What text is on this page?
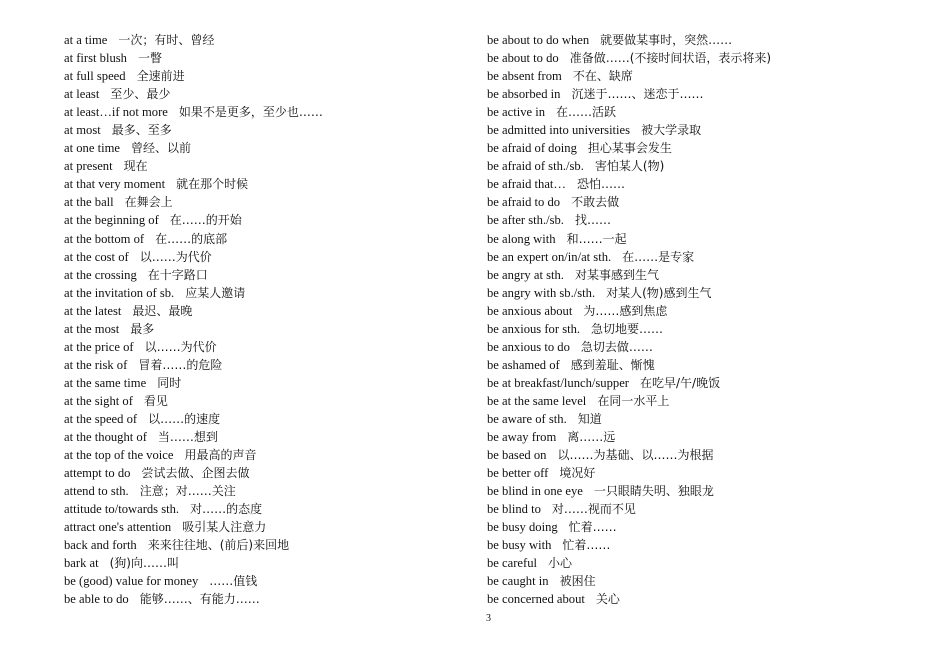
at a time 一次；有时、曾经
at first blush 一瞥
at full speed 全速前进
at least 至少、最少
at least…if not more 如果不是更多，至少也……
at most 最多、至多
at one time 曾经、以前
at present 现在
at that very moment 就在那个时候
at the ball 在舞会上
at the beginning of 在……的开始
at the bottom of 在……的底部
at the cost of 以……为代价
at the crossing 在十字路口
at the invitation of sb. 应某人邀请
at the latest 最迟、最晚
at the most 最多
at the price of 以……为代价
at the risk of 冒着……的危险
at the same time 同时
at the sight of 看见
at the speed of 以……的速度
at the thought of 当……想到
at the top of the voice 用最高的声音
attempt to do 尝试去做、企图去做
attend to sth. 注意；对……关注
attitude to/towards sth. 对……的态度
attract one's attention 吸引某人注意力
back and forth 来来往往地、(前后)来回地
bark at (狗)向……叫
be (good) value for money ……值钱
be able to do 能够……、有能力……
be about to do when 就要做某事时，突然……
be about to do 准备做……(不接时间状语，表示将来)
be absent from 不在、缺席
be absorbed in 沉迷于……、迷恋于……
be active in 在……活跃
be admitted into universities 被大学录取
be afraid of doing 担心某事会发生
be afraid of sth./sb. 害怕某人(物)
be afraid that… 恐怕……
be afraid to do 不敢去做
be after sth./sb. 找……
be along with 和……一起
be an expert on/in/at sth. 在……是专家
be angry at sth. 对某事感到生气
be angry with sb./sth. 对某人(物)感到生气
be anxious about 为……感到焦虑
be anxious for sth. 急切地要……
be anxious to do 急切去做……
be ashamed of 感到羞耻、惭愧
be at breakfast/lunch/supper 在吃早/午/晚饭
be at the same level 在同一水平上
be aware of sth. 知道
be away from 离……远
be based on 以……为基础、以……为根据
be better off 境况好
be blind in one eye 一只眼睛失明、独眼龙
be blind to 对……视而不见
be busy doing 忙着……
be busy with 忙着……
be careful 小心
be caught in 被困住
be concerned about 关心
3
